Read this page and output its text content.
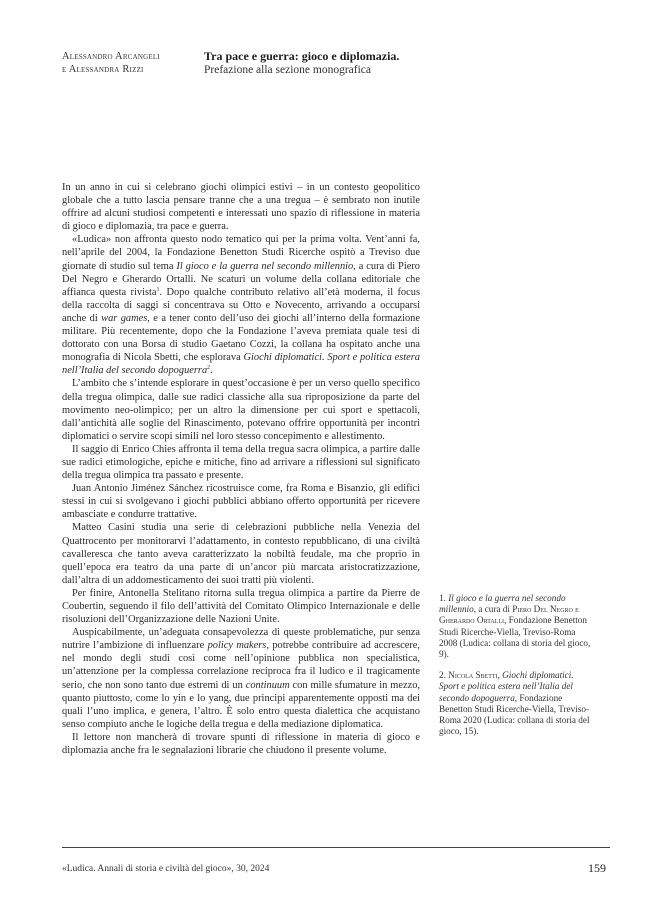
Alessandro Arcangeli
e Alessandra Rizzi
Tra pace e guerra: gioco e diplomazia.
Prefazione alla sezione monografica

In un anno in cui si celebrano giochi olimpici estivi – in un contesto geopolitico globale che a tutto lascia pensare tranne che a una tregua – è sembrato non inutile offrire ad alcuni studiosi competenti e interessati uno spazio di riflessione in materia di gioco e diplomazia, tra pace e guerra.

«Ludica» non affronta questo nodo tematico qui per la prima volta. Vent’anni fa, nell’aprile del 2004, la Fondazione Benetton Studi Ricerche ospitò a Treviso due giornate di studio sul tema Il gioco e la guerra nel secondo millennio, a cura di Piero Del Negro e Gherardo Ortalli. Ne scaturì un volume della collana editoriale che affianca questa rivista$^1$. Dopo qualche contributo relativo all’età moderna, il focus della raccolta di saggi si concentrava su Otto e Novecento, arrivando a occuparsi anche di war games, e a tener conto dell’uso dei giochi all’interno della formazione militare. Più recentemente, dopo che la Fondazione l’aveva premiata quale tesi di dottorato con una Borsa di studio Gaetano Cozzi, la collana ha ospitato anche una monografia di Nicola Sbetti, che esplorava Giochi diplomatici. Sport e politica estera nell’Italia del secondo dopoguerra$^2$.

L’ambito che s’intende esplorare in quest’occasione è per un verso quello specifico della tregua olimpica, dalle sue radici classiche alla sua riproposizione da parte del movimento neo-olimpico; per un altro la dimensione per cui sport e spettacoli, dall’antichità alle soglie del Rinascimento, potevano offrire opportunità per incontri diplomatici o servire scopi simili nel loro stesso concepimento e allestimento.

Il saggio di Enrico Chies affronta il tema della tregua sacra olimpica, a partire dalle sue radici etimologiche, epiche e mitiche, fino ad arrivare a riflessioni sul significato della tregua olimpica tra passato e presente.

Juan Antonio Jiménez Sánchez ricostruisce come, fra Roma e Bisanzio, gli edifici stessi in cui si svolgevano i giochi pubblici abbiano offerto opportunità per ricevere ambasciate e condurre trattative.

Matteo Casini studia una serie di celebrazioni pubbliche nella Venezia del Quattrocento per monitorarvi l’adattamento, in contesto repubblicano, di una civiltà cavalleresca che tanto aveva caratterizzato la nobiltà feudale, ma che proprio in quell’epoca era teatro da una parte di un’ancor più marcata aristocratizzazione, dall’altra di un addomesticamento dei suoi tratti più violenti.

Per finire, Antonella Stelitano ritorna sulla tregua olimpica a partire da Pierre de Coubertin, seguendo il filo dell’attività del Comitato Olimpico Internazionale e delle risoluzioni dell’Organizzazione delle Nazioni Unite.

Auspicabilmente, un’adeguata consapevolezza di queste problematiche, pur senza nutrire l’ambizione di influenzare policy makers, potrebbe contribuire ad accrescere, nel mondo degli studi così come nell’opinione pubblica non specialistica, un’attenzione per la complessa correlazione reciproca fra il ludico e il tragicamente serio, che non sono tanto due estremi di un continuum con mille sfumature in mezzo, quanto piuttosto, come lo yin e lo yang, due principi apparentemente opposti ma dei quali l’uno implica, e genera, l’altro. È solo entro questa dialettica che acquistano senso compiuto anche le logiche della tregua e della mediazione diplomatica.

Il lettore non mancherà di trovare spunti di riflessione in materia di gioco e diplomazia anche fra le segnalazioni librarie che chiudono il presente volume.

1. Il gioco e la guerra nel secondo millennio, a cura di Piero Del Negro e Gherardo Ortalli, Fondazione Benetton Studi Ricerche-Viella, Treviso-Roma 2008 (Ludica: collana di storia del gioco, 9).
2. Nicola Sbetti, Giochi diplomatici. Sport e politica estera nell’Italia del secondo dopoguerra, Fondazione Benetton Studi Ricerche-Viella, Treviso-Roma 2020 (Ludica: collana di storia del gioco, 15).
«Ludica. Annali di storia e civiltà del gioco», 30, 2024	159
